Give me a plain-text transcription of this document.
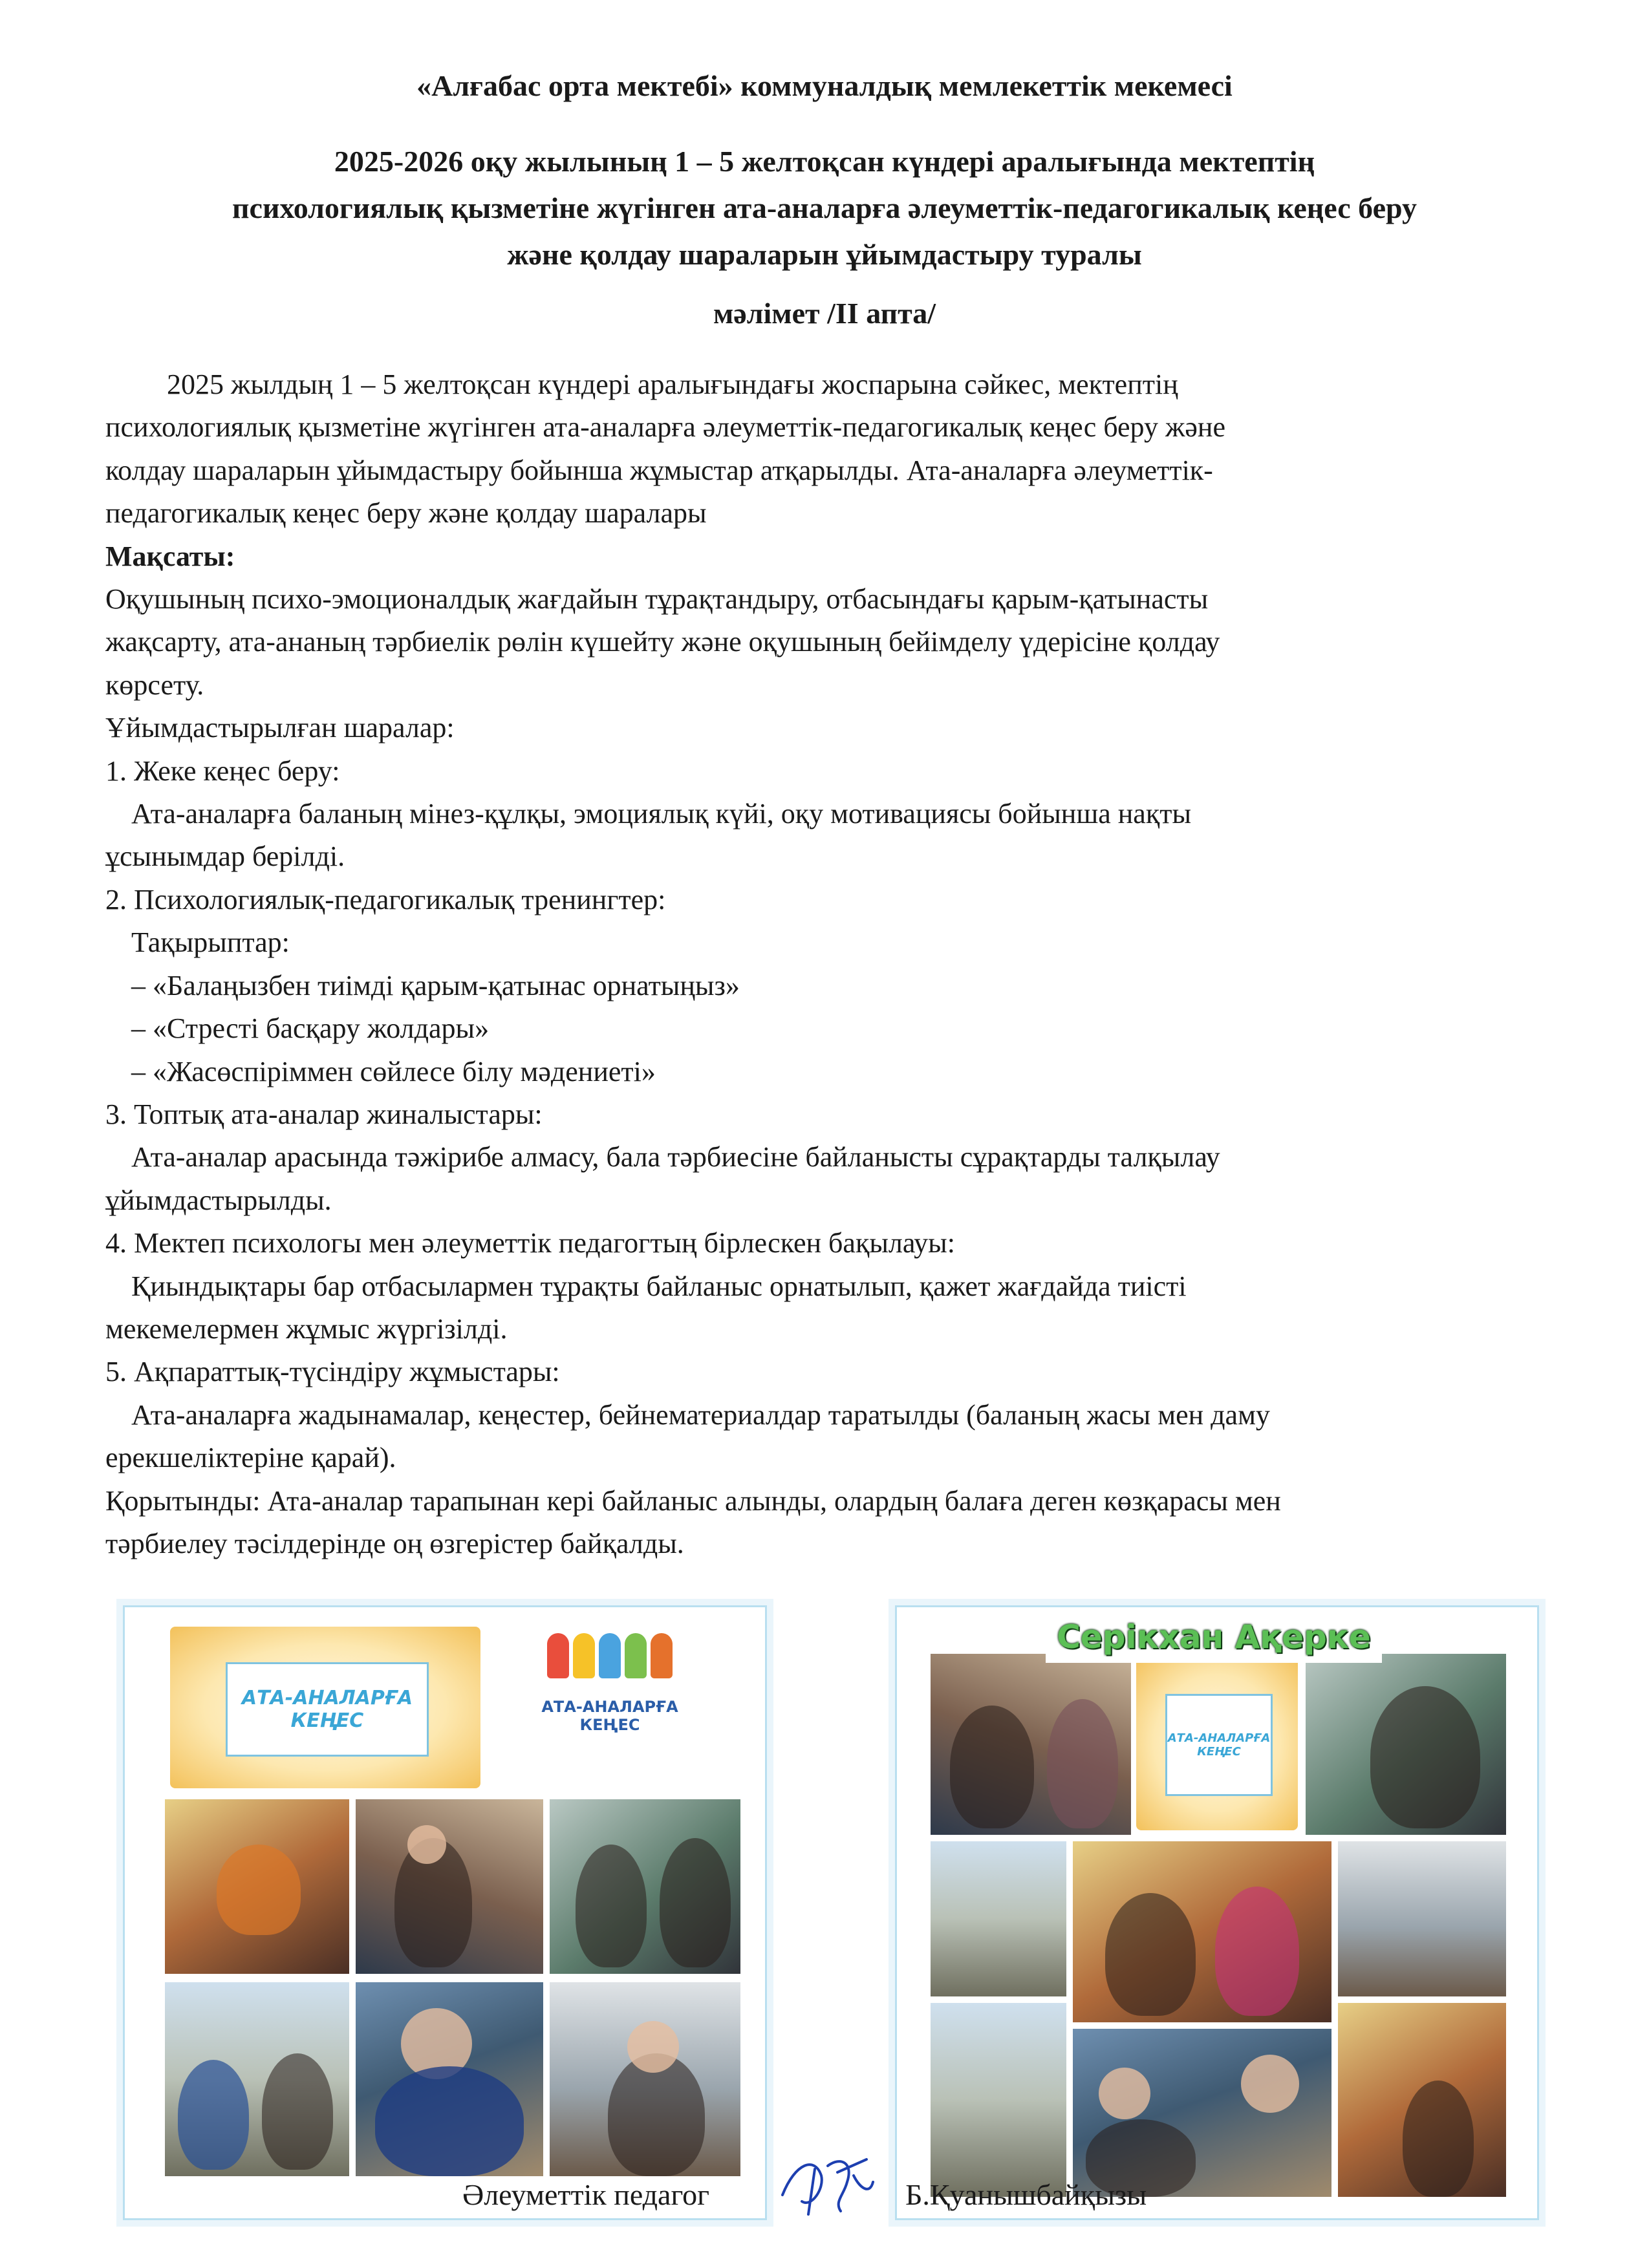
«Алғабас орта мектебі» коммуналдық мемлекеттік мекемесі
2025-2026 оқу жылының 1 – 5 желтоқсан күндері аралығында мектептің
психологиялық қызметіне жүгінген ата-аналарға әлеуметтік-педагогикалық кеңес беру
және қолдау шараларын ұйымдастыру туралы
мәлімет /ІІ апта/

2025 жылдың 1 – 5 желтоқсан күндері аралығындағы жоспарына сәйкес, мектептің

психологиялық қызметіне жүгінген ата-аналарға әлеуметтік-педагогикалық кеңес беру және

колдау шараларын ұйымдастыру бойынша жұмыстар атқарылды. Ата-аналарға әлеуметтік-

педагогикалық кеңес беру және қолдау шаралары

Мақсаты:

Оқушының психо-эмоционалдық жағдайын тұрақтандыру, отбасындағы қарым-қатынасты

жақсарту, ата-ананың тәрбиелік рөлін күшейту және оқушының бейімделу үдерісіне қолдау

көрсету.

Ұйымдастырылған шаралар:

1. Жеке кеңес беру:

Ата-аналарға баланың мінез-құлқы, эмоциялық күйі, оқу мотивациясы бойынша нақты

ұсынымдар берілді.

2. Психологиялық-педагогикалық тренингтер:

Тақырыптар:

– «Балаңызбен тиімді қарым-қатынас орнатыңыз»

– «Стресті басқару жолдары»

– «Жасөспіріммен сөйлесе білу мәдениеті»

3. Топтық ата-аналар жиналыстары:

Ата-аналар арасында тәжірибе алмасу, бала тәрбиесіне байланысты сұрақтарды талқылау

ұйымдастырылды.

4. Мектеп психологы мен әлеуметтік педагогтың бірлескен бақылауы:

Қиындықтары бар отбасылармен тұрақты байланыс орнатылып, қажет жағдайда тиісті

мекемелермен жұмыс жүргізілді.

5. Ақпараттық-түсіндіру жұмыстары:

Ата-аналарға жадынамалар, кеңестер, бейнематериалдар таратылды (баланың жасы мен даму

ерекшеліктеріне қарай).

Қорытынды: Ата-аналар тарапынан кері байланыс алынды, олардың балаға деген көзқарасы мен

тәрбиелеу тәсілдерінде оң өзгерістер байқалды.

АТА-АНАЛАРҒА
КЕҢЕС
АТА-АНАЛАРҒА
КЕҢЕС
АТА-АНАЛАРҒА
КЕҢЕС
Серікхан Ақерке
Әлеуметтік педагог	Б.Қуанышбайқызы
